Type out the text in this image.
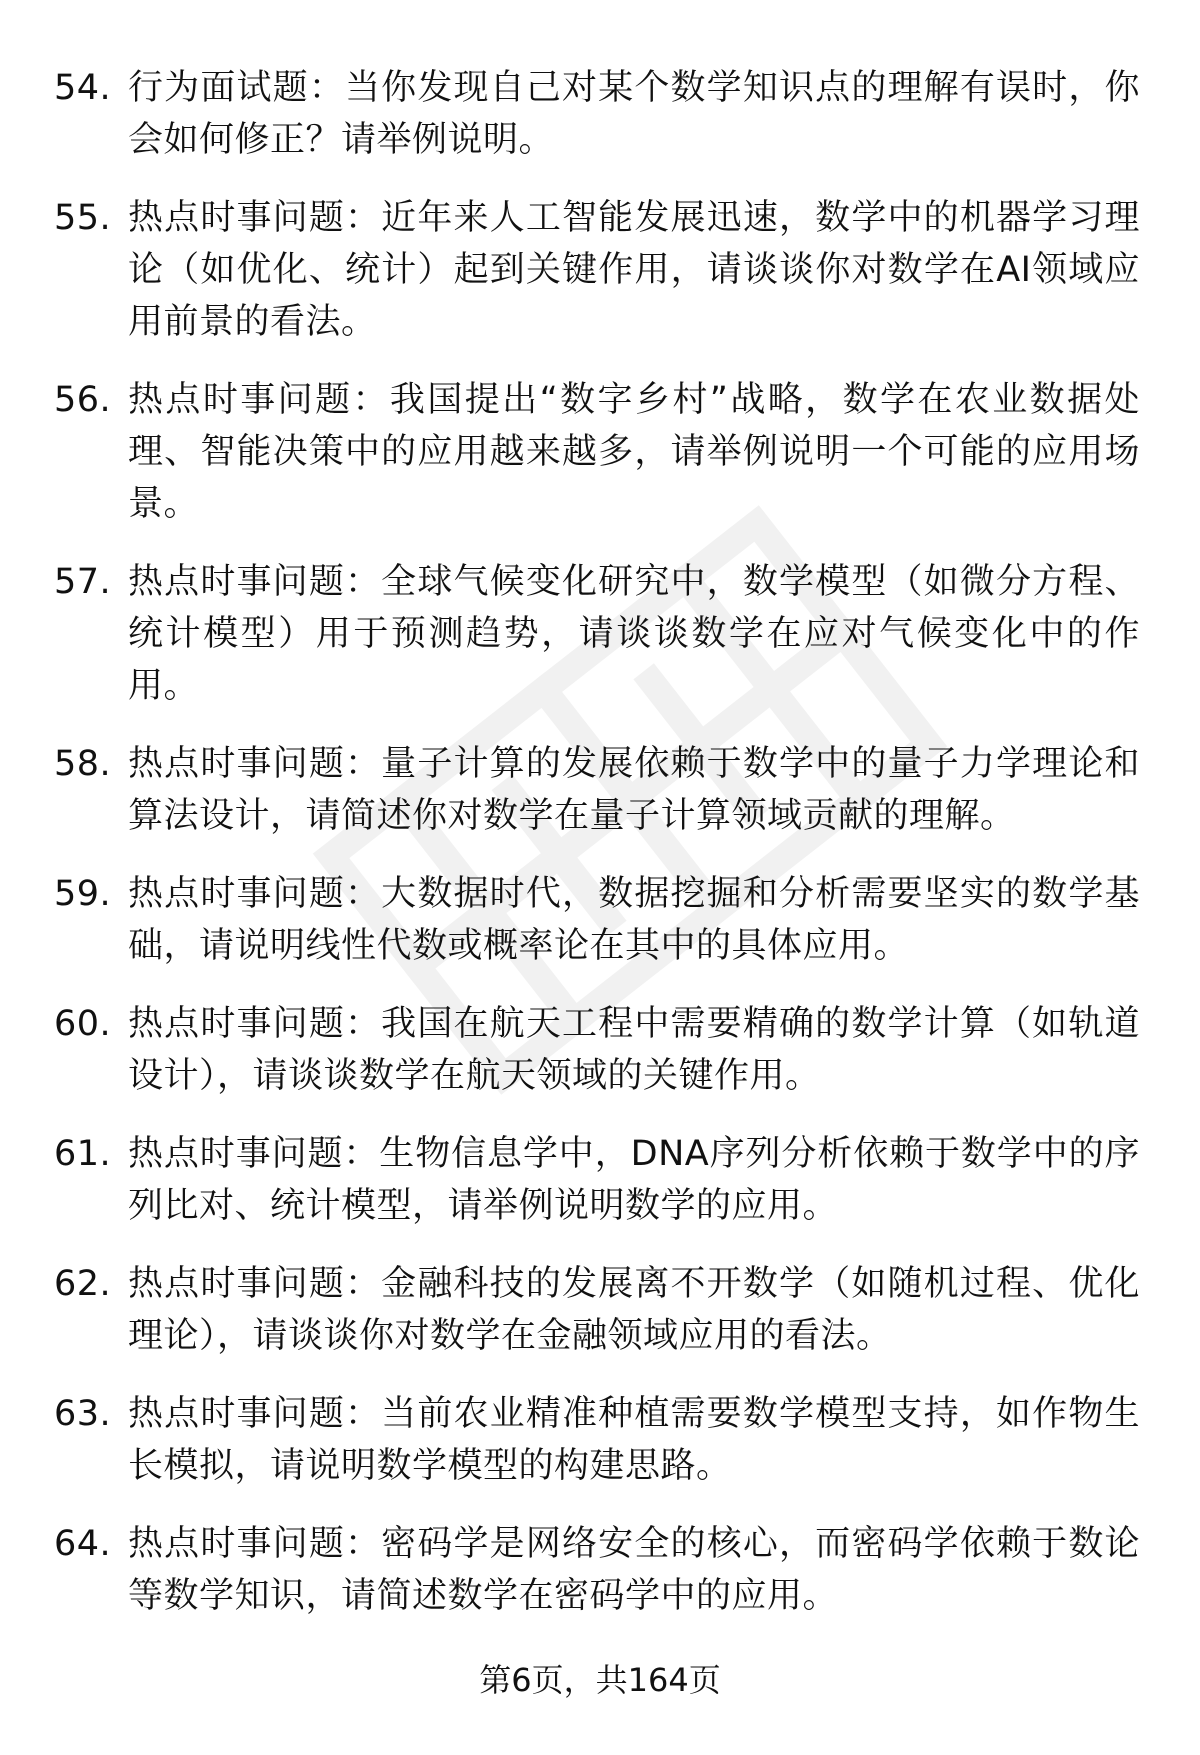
54. 行为面试题：当你发现自己对某个数学知识点的理解有误时，你会如何修正？请举例说明。
55. 热点时事问题：近年来人工智能发展迅速，数学中的机器学习理论（如优化、统计）起到关键作用，请谈谈你对数学在AI领域应用前景的看法。
56. 热点时事问题：我国提出“数字乡村”战略，数学在农业数据处理、智能决策中的应用越来越多，请举例说明一个可能的应用场景。
57. 热点时事问题：全球气候变化研究中，数学模型（如微分方程、统计模型）用于预测趋势，请谈谈数学在应对气候变化中的作用。
58. 热点时事问题：量子计算的发展依赖于数学中的量子力学理论和算法设计，请简述你对数学在量子计算领域贡献的理解。
59. 热点时事问题：大数据时代，数据挖掘和分析需要坚实的数学基础，请说明线性代数或概率论在其中的具体应用。
60. 热点时事问题：我国在航天工程中需要精确的数学计算（如轨道设计），请谈谈数学在航天领域的关键作用。
61. 热点时事问题：生物信息学中，DNA序列分析依赖于数学中的序列比对、统计模型，请举例说明数学的应用。
62. 热点时事问题：金融科技的发展离不开数学（如随机过程、优化理论），请谈谈你对数学在金融领域应用的看法。
63. 热点时事问题：当前农业精准种植需要数学模型支持，如作物生长模拟，请说明数学模型的构建思路。
64. 热点时事问题：密码学是网络安全的核心，而密码学依赖于数论等数学知识，请简述数学在密码学中的应用。
第6页，共164页
